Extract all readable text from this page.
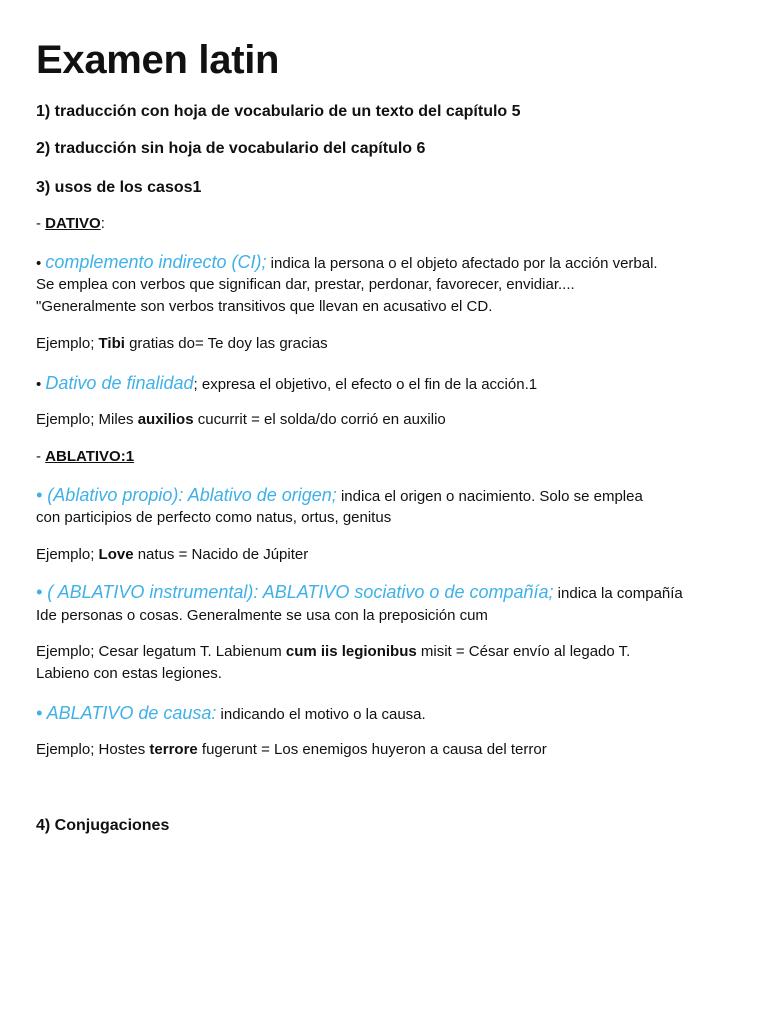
Examen latin

1) traducción con hoja de vocabulario de un texto del capítulo 5

2) traducción sin hoja de vocabulario del capítulo 6

3) usos de los casos1

- DATIVO:

• complemento indirecto (CI); indica la persona o el objeto afectado por la acción verbal.

Se emplea con verbos que significan dar, prestar, perdonar, favorecer, envidiar....

"Generalmente son verbos transitivos que llevan en acusativo el CD.

Ejemplo; Tibi gratias do= Te doy las gracias

• Dativo de finalidad; expresa el objetivo, el efecto o el fin de la acción.1

Ejemplo; Miles auxilios cucurrit = el solda/do corrió en auxilio

- ABLATIVO:1

• (Ablativo propio): Ablativo de origen; indica el origen o nacimiento. Solo se emplea

con participios de perfecto como natus, ortus, genitus

Ejemplo; Love natus = Nacido de Júpiter

• ( ABLATIVO instrumental): ABLATIVO sociativo o de compañía; indica la compañía

Ide personas o cosas. Generalmente se usa con la preposición cum

Ejemplo; Cesar legatum T. Labienum cum iis legionibus misit = César envío al legado T.

Labieno con estas legiones.

• ABLATIVO de causa: indicando el motivo o la causa.

Ejemplo; Hostes terrore fugerunt = Los enemigos huyeron a causa del terror

4) Conjugaciones
